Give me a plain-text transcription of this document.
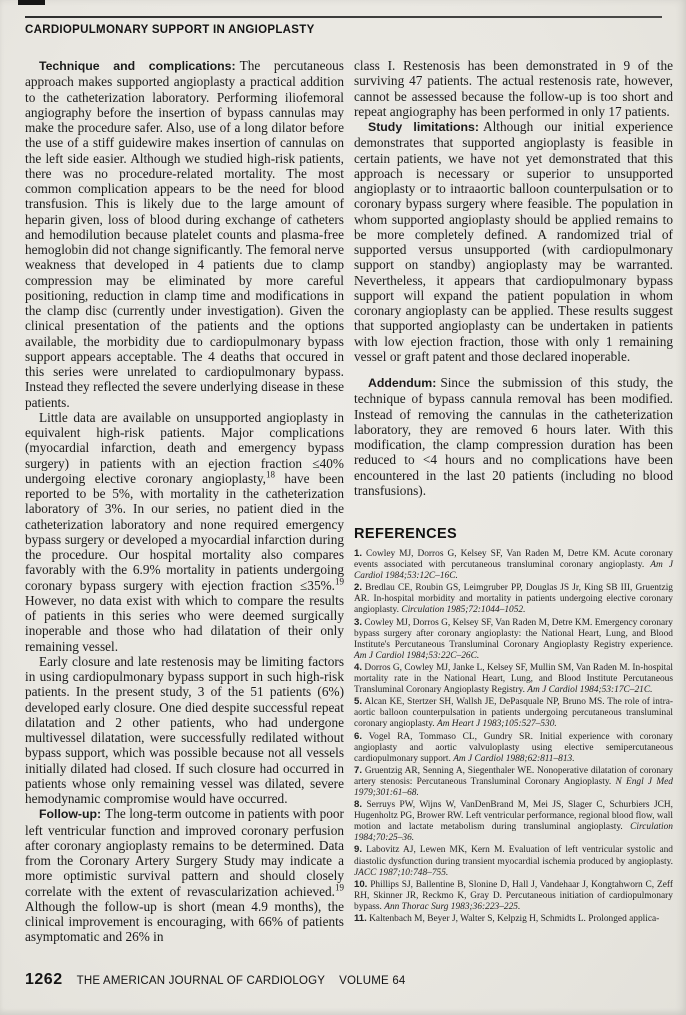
CARDIOPULMONARY SUPPORT IN ANGIOPLASTY

Technique and complications: The percutaneous approach makes supported angioplasty a practical addition to the catheterization laboratory. Performing iliofemoral angiography before the insertion of bypass cannulas may make the procedure safer. Also, use of a long dilator before the use of a stiff guidewire makes insertion of cannulas on the left side easier. Although we studied high-risk patients, there was no procedure-related mortality. The most common complication appears to be the need for blood transfusion. This is likely due to the large amount of heparin given, loss of blood during exchange of catheters and hemodilution because platelet counts and plasma-free hemoglobin did not change significantly. The femoral nerve weakness that developed in 4 patients due to clamp compression may be eliminated by more careful positioning, reduction in clamp time and modifications in the clamp disc (currently under investigation). Given the clinical presentation of the patients and the options available, the morbidity due to cardiopulmonary bypass support appears acceptable. The 4 deaths that occured in this series were unrelated to cardiopulmonary bypass. Instead they reflected the severe underlying disease in these patients.

Little data are available on unsupported angioplasty in equivalent high-risk patients. Major complications (myocardial infarction, death and emergency bypass surgery) in patients with an ejection fraction ≤40% undergoing elective coronary angioplasty,$^{18}$ have been reported to be 5%, with mortality in the catheterization laboratory of 3%. In our series, no patient died in the catheterization laboratory and none required emergency bypass surgery or developed a myocardial infarction during the procedure. Our hospital mortality also compares favorably with the 6.9% mortality in patients undergoing coronary bypass surgery with ejection fraction ≤35%.$^{19}$ However, no data exist with which to compare the results of patients in this series who were deemed surgically inoperable and those who had dilatation of their only remaining vessel.

Early closure and late restenosis may be limiting factors in using cardiopulmonary bypass support in such high-risk patients. In the present study, 3 of the 51 patients (6%) developed early closure. One died despite successful repeat dilatation and 2 other patients, who had undergone multivessel dilatation, were successfully redilated without bypass support, which was possible because not all vessels initially dilated had closed. If such closure had occurred in patients whose only remaining vessel was dilated, severe hemodynamic compromise would have occurred.

Follow-up: The long-term outcome in patients with poor left ventricular function and improved coronary perfusion after coronary angioplasty remains to be determined. Data from the Coronary Artery Surgery Study may indicate a more optimistic survival pattern and should closely correlate with the extent of revascularization achieved.$^{19}$ Although the follow-up is short (mean 4.9 months), the clinical improvement is encouraging, with 66% of patients asymptomatic and 26% in

class I. Restenosis has been demonstrated in 9 of the surviving 47 patients. The actual restenosis rate, however, cannot be assessed because the follow-up is too short and repeat angiography has been performed in only 17 patients.

Study limitations: Although our initial experience demonstrates that supported angioplasty is feasible in certain patients, we have not yet demonstrated that this approach is necessary or superior to unsupported angioplasty or to intraaortic balloon counterpulsation or to coronary bypass surgery where feasible. The population in whom supported angioplasty should be applied remains to be more completely defined. A randomized trial of supported versus unsupported (with cardiopulmonary support on standby) angioplasty may be warranted. Nevertheless, it appears that cardiopulmonary bypass support will expand the patient population in whom coronary angioplasty can be applied. These results suggest that supported angioplasty can be undertaken in patients with low ejection fraction, those with only 1 remaining vessel or graft patent and those declared inoperable.

Addendum: Since the submission of this study, the technique of bypass cannula removal has been modified. Instead of removing the cannulas in the catheterization laboratory, they are removed 6 hours later. With this modification, the clamp compression duration has been reduced to <4 hours and no complications have been encountered in the last 20 patients (including no blood transfusions).

REFERENCES

1. Cowley MJ, Dorros G, Kelsey SF, Van Raden M, Detre KM. Acute coronary events associated with percutaneous transluminal coronary angioplasty. Am J Cardiol 1984;53:12C–16C.

2. Bredlau CE, Roubin GS, Leimgruber PP, Douglas JS Jr, King SB III, Gruentzig AR. In-hospital morbidity and mortality in patients undergoing elective coronary angioplasty. Circulation 1985;72:1044–1052.

3. Cowley MJ, Dorros G, Kelsey SF, Van Raden M, Detre KM. Emergency coronary bypass surgery after coronary angioplasty: the National Heart, Lung, and Blood Institute's Percutaneous Transluminal Coronary Angioplasty Registry experience. Am J Cardiol 1984;53:22C–26C.

4. Dorros G, Cowley MJ, Janke L, Kelsey SF, Mullin SM, Van Raden M. In-hospital mortality rate in the National Heart, Lung, and Blood Institute Percutaneous Transluminal Coronary Angioplasty Registry. Am J Cardiol 1984;53:17C–21C.

5. Alcan KE, Stertzer SH, Wallsh JE, DePasquale NP, Bruno MS. The role of intra-aortic balloon counterpulsation in patients undergoing percutaneous transluminal coronary angioplasty. Am Heart J 1983;105:527–530.

6. Vogel RA, Tommaso CL, Gundry SR. Initial experience with coronary angioplasty and aortic valvuloplasty using elective semipercutaneous cardiopulmonary support. Am J Cardiol 1988;62:811–813.

7. Gruentzig AR, Senning A, Siegenthaler WE. Nonoperative dilatation of coronary artery stenosis: Percutaneous Transluminal Coronary Angioplasty. N Engl J Med 1979;301:61–68.

8. Serruys PW, Wijns W, VanDenBrand M, Mei JS, Slager C, Schurbiers JCH, Hugenholtz PG, Brower RW. Left ventricular performance, regional blood flow, wall motion and lactate metabolism during transluminal angioplasty. Circulation 1984;70:25–36.

9. Labovitz AJ, Lewen MK, Kern M. Evaluation of left ventricular systolic and diastolic dysfunction during transient myocardial ischemia produced by angioplasty. JACC 1987;10:748–755.

10. Phillips SJ, Ballentine B, Slonine D, Hall J, Vandehaar J, Kongtahworn C, Zeff RH, Skinner JR, Reckmo K, Gray D. Percutaneous initiation of cardiopulmonary bypass. Ann Thorac Surg 1983;36:223–225.

11. Kaltenbach M, Beyer J, Walter S, Kelpzig H, Schmidts L. Prolonged applica-

1262 THE AMERICAN JOURNAL OF CARDIOLOGY VOLUME 64
